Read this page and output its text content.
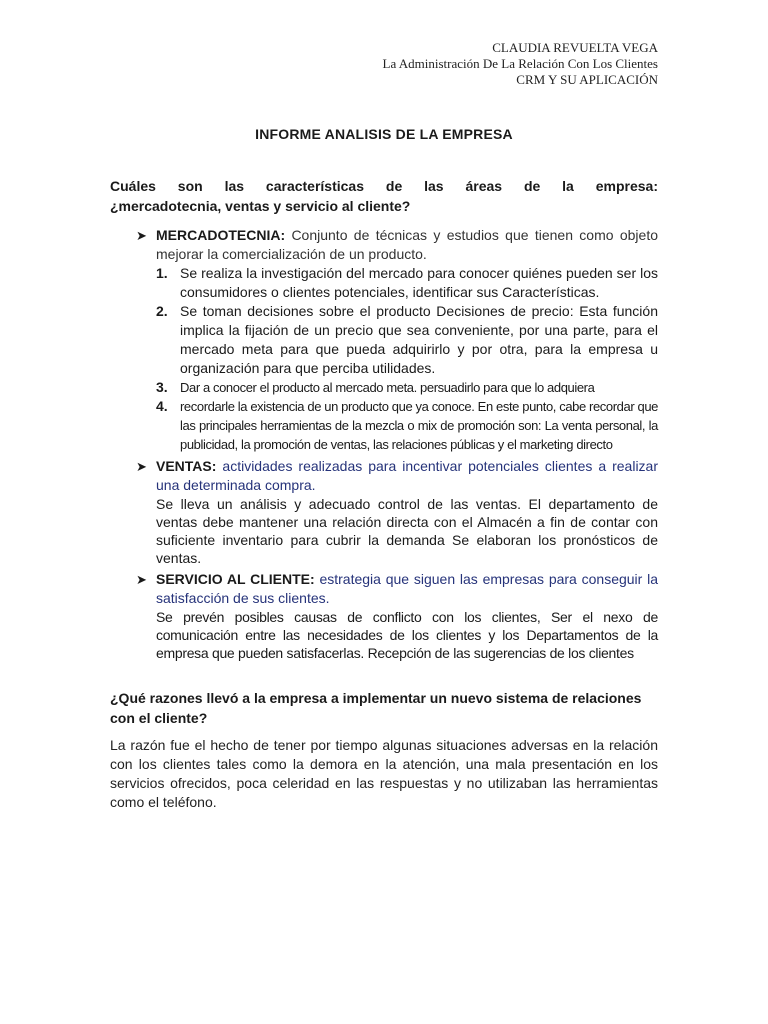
CLAUDIA REVUELTA VEGA
La Administración De La Relación Con Los Clientes
CRM Y SU APLICACIÓN
INFORME ANALISIS DE LA EMPRESA
Cuáles son las características de las áreas de la empresa:
¿mercadotecnia, ventas y servicio al cliente?
➤ MERCADOTECNIA: Conjunto de técnicas y estudios que tienen como objeto mejorar la comercialización de un producto.
1. Se realiza la investigación del mercado para conocer quiénes pueden ser los consumidores o clientes potenciales, identificar sus Características.
2. Se toman decisiones sobre el producto Decisiones de precio: Esta función implica la fijación de un precio que sea conveniente, por una parte, para el mercado meta para que pueda adquirirlo y por otra, para la empresa u organización para que perciba utilidades.
3. Dar a conocer el producto al mercado meta. persuadirlo para que lo adquiera
4. recordarle la existencia de un producto que ya conoce. En este punto, cabe recordar que las principales herramientas de la mezcla o mix de promoción son: La venta personal, la publicidad, la promoción de ventas, las relaciones públicas y el marketing directo
➤ VENTAS: actividades realizadas para incentivar potenciales clientes a realizar una determinada compra.
Se lleva un análisis y adecuado control de las ventas. El departamento de ventas debe mantener una relación directa con el Almacén a fin de contar con suficiente inventario para cubrir la demanda Se elaboran los pronósticos de ventas.
➤ SERVICIO AL CLIENTE: estrategia que siguen las empresas para conseguir la satisfacción de sus clientes.
Se prevén posibles causas de conflicto con los clientes, Ser el nexo de comunicación entre las necesidades de los clientes y los Departamentos de la empresa que pueden satisfacerlas. Recepción de las sugerencias de los clientes
¿Qué razones llevó a la empresa a implementar un nuevo sistema de relaciones con el cliente?
La razón fue el hecho de tener por tiempo algunas situaciones adversas en la relación con los clientes tales como la demora en la atención, una mala presentación en los servicios ofrecidos, poca celeridad en las respuestas y no utilizaban las herramientas como el teléfono.
